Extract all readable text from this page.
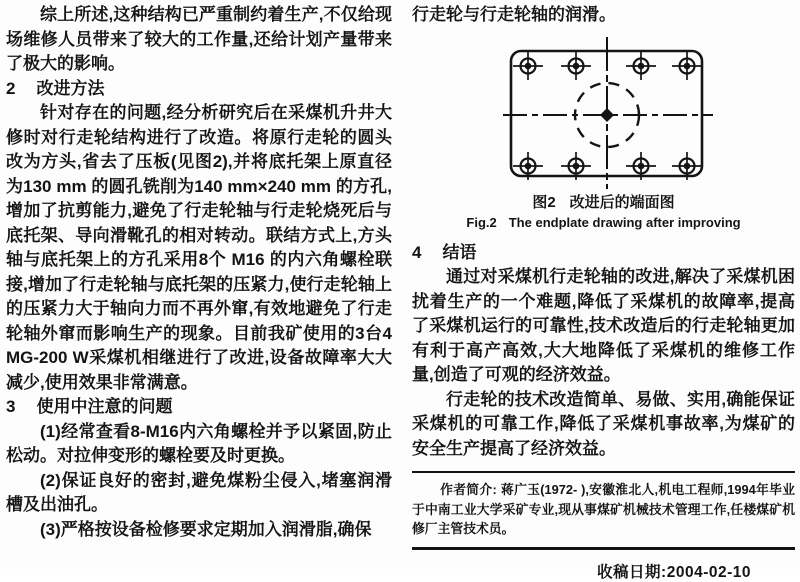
综上所述,这种结构已严重制约着生产,不仅给现场维修人员带来了较大的工作量,还给计划产量带来了极大的影响。

2 改进方法

针对存在的问题,经分析研究后在采煤机升井大修时对行走轮结构进行了改造。将原行走轮的圆头改为方头,省去了压板(见图2),并将底托架上原直径为130 mm 的圆孔铣削为140 mm×240 mm 的方孔,增加了抗剪能力,避免了行走轮轴与行走轮烧死后与底托架、导向滑靴孔的相对转动。联结方式上,方头轴与底托架上的方孔采用8个 M16 的内六角螺栓联接,增加了行走轮轴与底托架的压紧力,使行走轮轴上的压紧力大于轴向力而不再外窜,有效地避免了行走轮轴外窜而影响生产的现象。目前我矿使用的3台4MG-200 W采煤机相继进行了改进,设备故障率大大减少,使用效果非常满意。

3 使用中注意的问题

(1)经常查看8-M16内六角螺栓并予以紧固,防止松动。对拉伸变形的螺栓要及时更换。

(2)保证良好的密封,避免煤粉尘侵入,堵塞润滑槽及出油孔。

(3)严格按设备检修要求定期加入润滑脂,确保

行走轮与行走轮轴的润滑。

图2 改进后的端面图
Fig.2 The endplate drawing after improving
4 结语

通过对采煤机行走轮轴的改进,解决了采煤机困扰着生产的一个难题,降低了采煤机的故障率,提高了采煤机运行的可靠性,技术改造后的行走轮轴更加有利于高产高效,大大地降低了采煤机的维修工作量,创造了可观的经济效益。

行走轮的技术改造简单、易做、实用,确能保证采煤机的可靠工作,降低了采煤机事故率,为煤矿的安全生产提高了经济效益。

作者简介: 蒋广玉(1972- ),安徽淮北人,机电工程师,1994年毕业于中南工业大学采矿专业,现从事煤矿机械技术管理工作,任楼煤矿机修厂主管技术员。

收稿日期:2004-02-10
